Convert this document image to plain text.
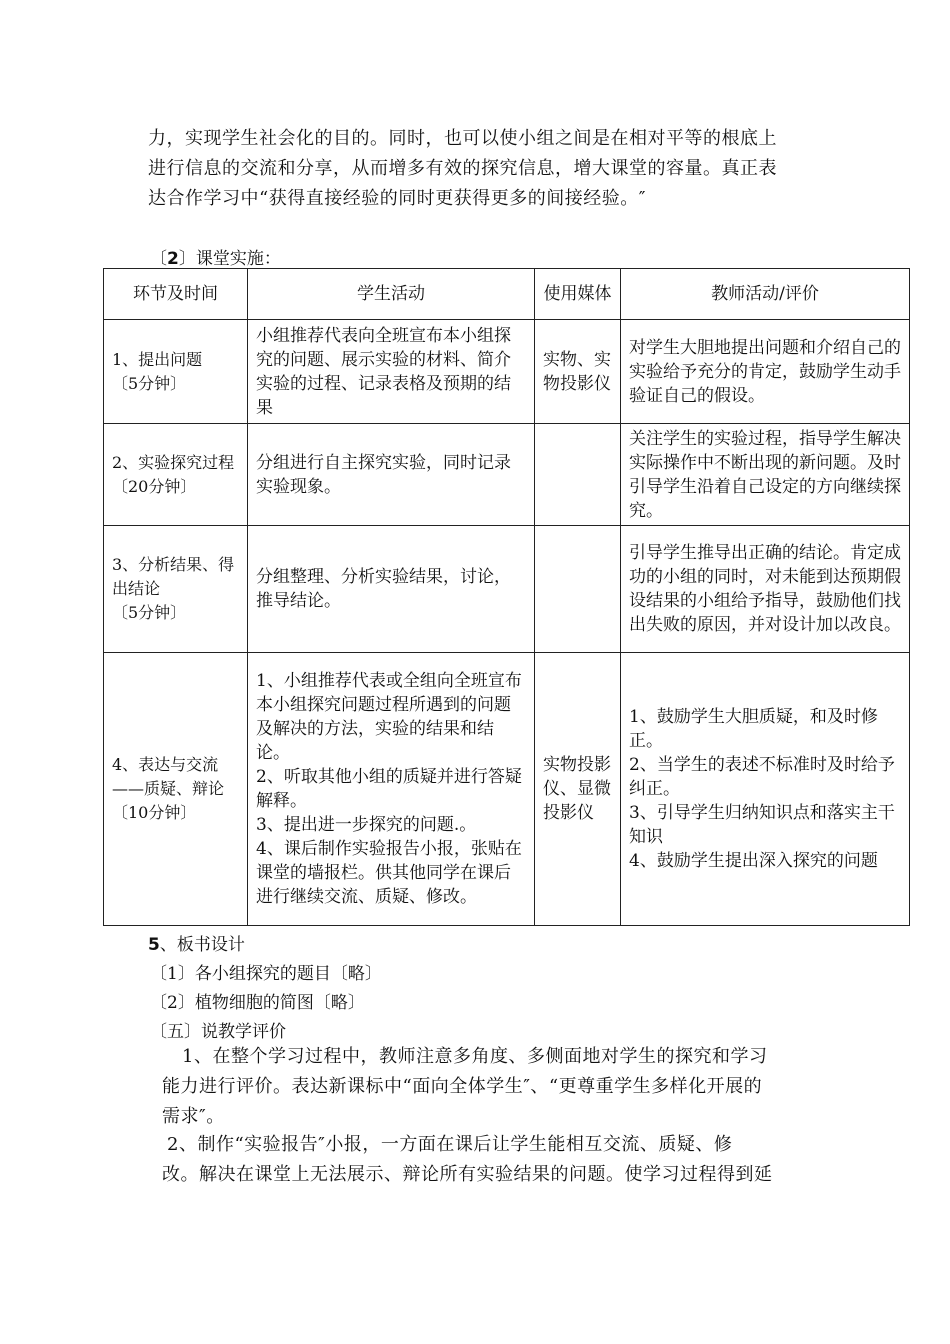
力，实现学生社会化的目的。同时，也可以使小组之间是在相对平等的根底上
进行信息的交流和分享，从而增多有效的探究信息，增大课堂的容量。真正表
达合作学习中“获得直接经验的同时更获得更多的间接经验。″
〔2〕课堂实施：
环节及时间	学生活动	使用媒体	教师活动/评价

1、提出问题
〔5分钟〕	小组推荐代表向全班宣布本小组探究的问题、展示实验的材料、简介实验的过程、记录表格及预期的结果	实物、实物投影仪	对学生大胆地提出问题和介绍自己的实验给予充分的肯定，鼓励学生动手验证自己的假设。

2、实验探究过程
〔20分钟〕	分组进行自主探究实验，同时记录实验现象。		关注学生的实验过程，指导学生解决实际操作中不断出现的新问题。及时引导学生沿着自己设定的方向继续探究。

3、分析结果、得出结论
〔5分钟〕	分组整理、分析实验结果，讨论，推导结论。		引导学生推导出正确的结论。肯定成功的小组的同时，对未能到达预期假设结果的小组给予指导，鼓励他们找出失败的原因，并对设计加以改良。

4、表达与交流——质疑、辩论
〔10分钟〕	1、小组推荐代表或全组向全班宣布本小组探究问题过程所遇到的问题及解决的方法，实验的结果和结论。
2、听取其他小组的质疑并进行答疑解释。
3、提出进一步探究的问题.。
4、课后制作实验报告小报，张贴在课堂的墙报栏。供其他同学在课后进行继续交流、质疑、修改。	实物投影仪、显微投影仪	1、鼓励学生大胆质疑，和及时修正。
2、当学生的表述不标准时及时给予纠正。
3、引导学生归纳知识点和落实主干知识
4、鼓励学生提出深入探究的问题
5、板书设计
〔1〕各小组探究的题目〔略〕
〔2〕植物细胞的简图〔略〕
〔五〕说教学评价
1、在整个学习过程中，教师注意多角度、多侧面地对学生的探究和学习
能力进行评价。表达新课标中“面向全体学生″、“更尊重学生多样化开展的
需求″。
2、制作“实验报告″小报，一方面在课后让学生能相互交流、质疑、修
改。解决在课堂上无法展示、辩论所有实验结果的问题。使学习过程得到延
